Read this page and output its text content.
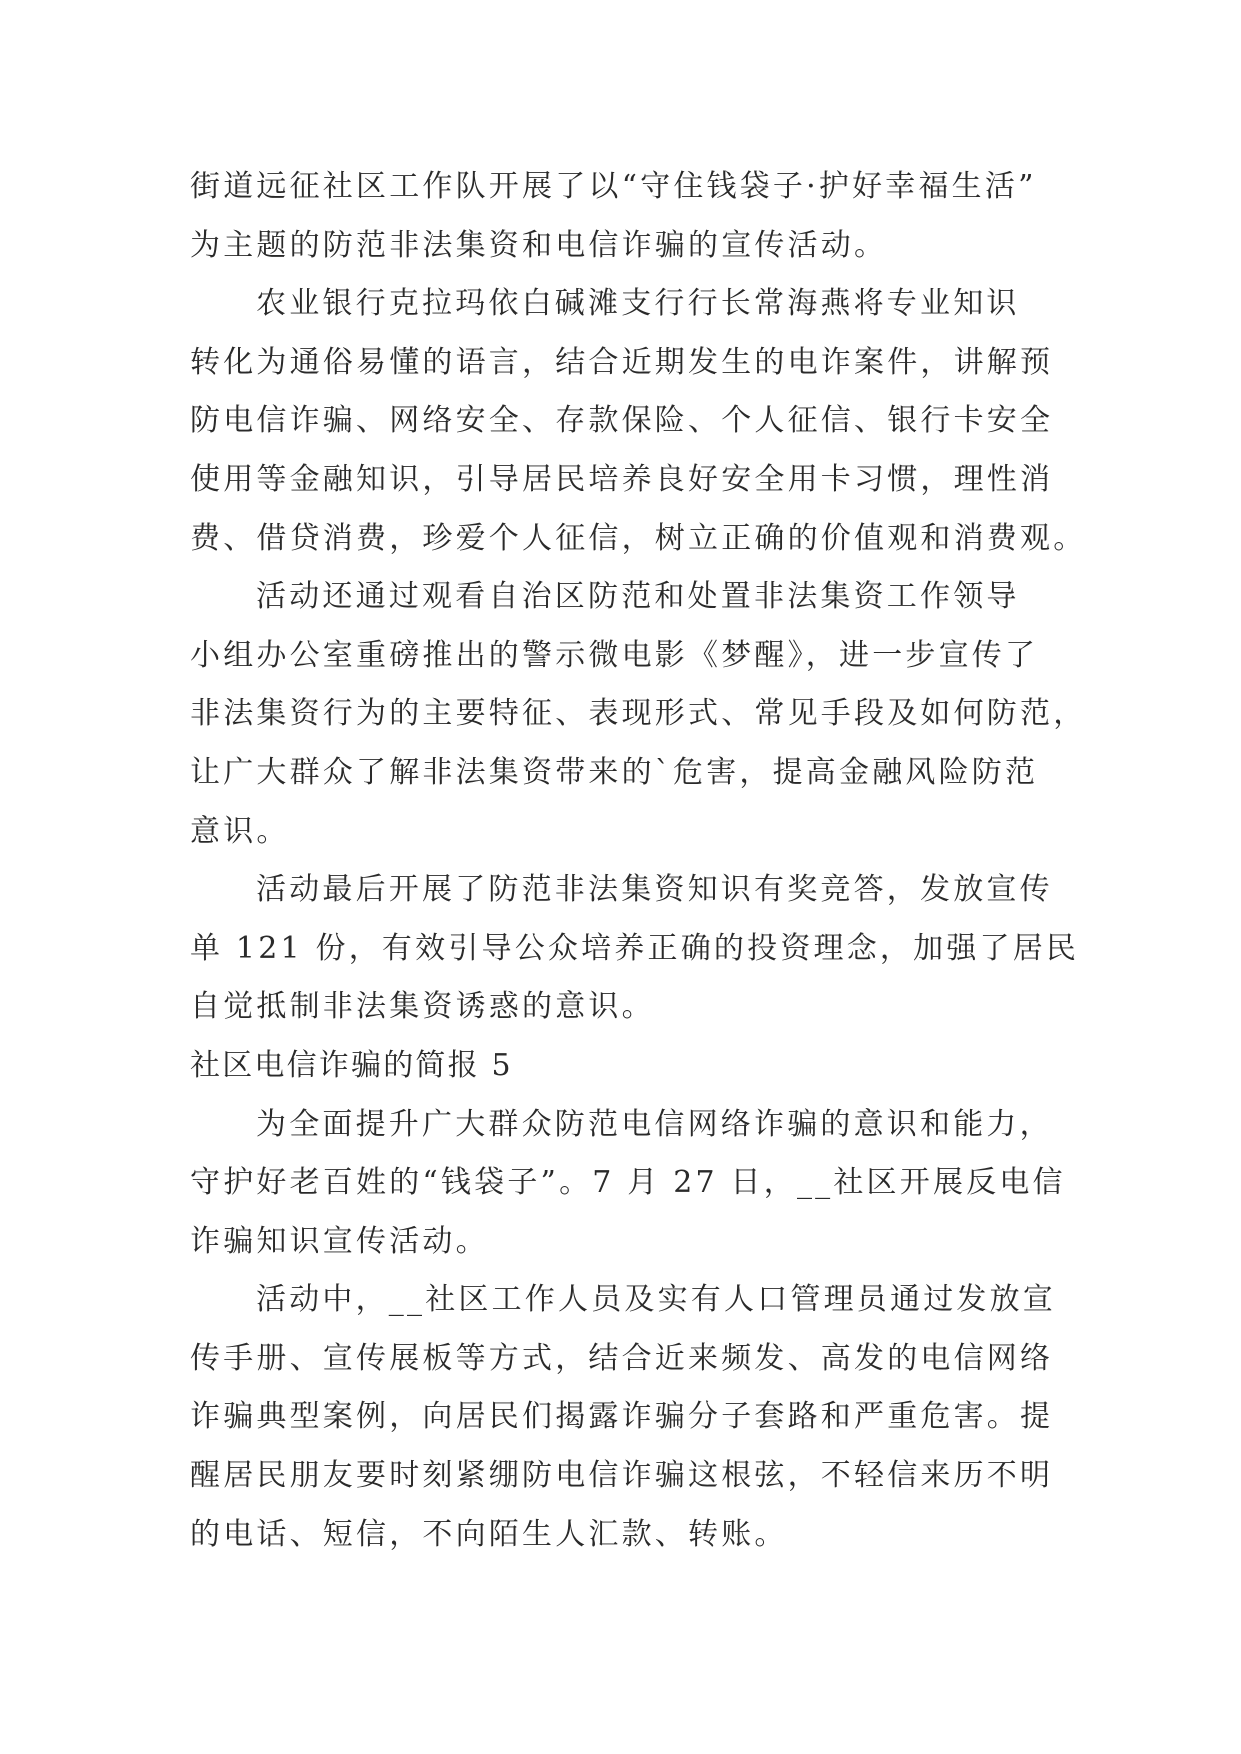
街道远征社区工作队开展了以“守住钱袋子·护好幸福生活”
为主题的防范非法集资和电信诈骗的宣传活动。
农业银行克拉玛依白碱滩支行行长常海燕将专业知识
转化为通俗易懂的语言，结合近期发生的电诈案件，讲解预
防电信诈骗、网络安全、存款保险、个人征信、银行卡安全
使用等金融知识，引导居民培养良好安全用卡习惯，理性消
费、借贷消费，珍爱个人征信，树立正确的价值观和消费观。
活动还通过观看自治区防范和处置非法集资工作领导
小组办公室重磅推出的警示微电影《梦醒》，进一步宣传了
非法集资行为的主要特征、表现形式、常见手段及如何防范，
让广大群众了解非法集资带来的`危害，提高金融风险防范
意识。
活动最后开展了防范非法集资知识有奖竞答，发放宣传
单 121 份，有效引导公众培养正确的投资理念，加强了居民
自觉抵制非法集资诱惑的意识。
社区电信诈骗的简报 5
为全面提升广大群众防范电信网络诈骗的意识和能力，
守护好老百姓的“钱袋子”。7 月 27 日，__社区开展反电信
诈骗知识宣传活动。
活动中，__社区工作人员及实有人口管理员通过发放宣
传手册、宣传展板等方式，结合近来频发、高发的电信网络
诈骗典型案例，向居民们揭露诈骗分子套路和严重危害。提
醒居民朋友要时刻紧绷防电信诈骗这根弦，不轻信来历不明
的电话、短信，不向陌生人汇款、转账。
